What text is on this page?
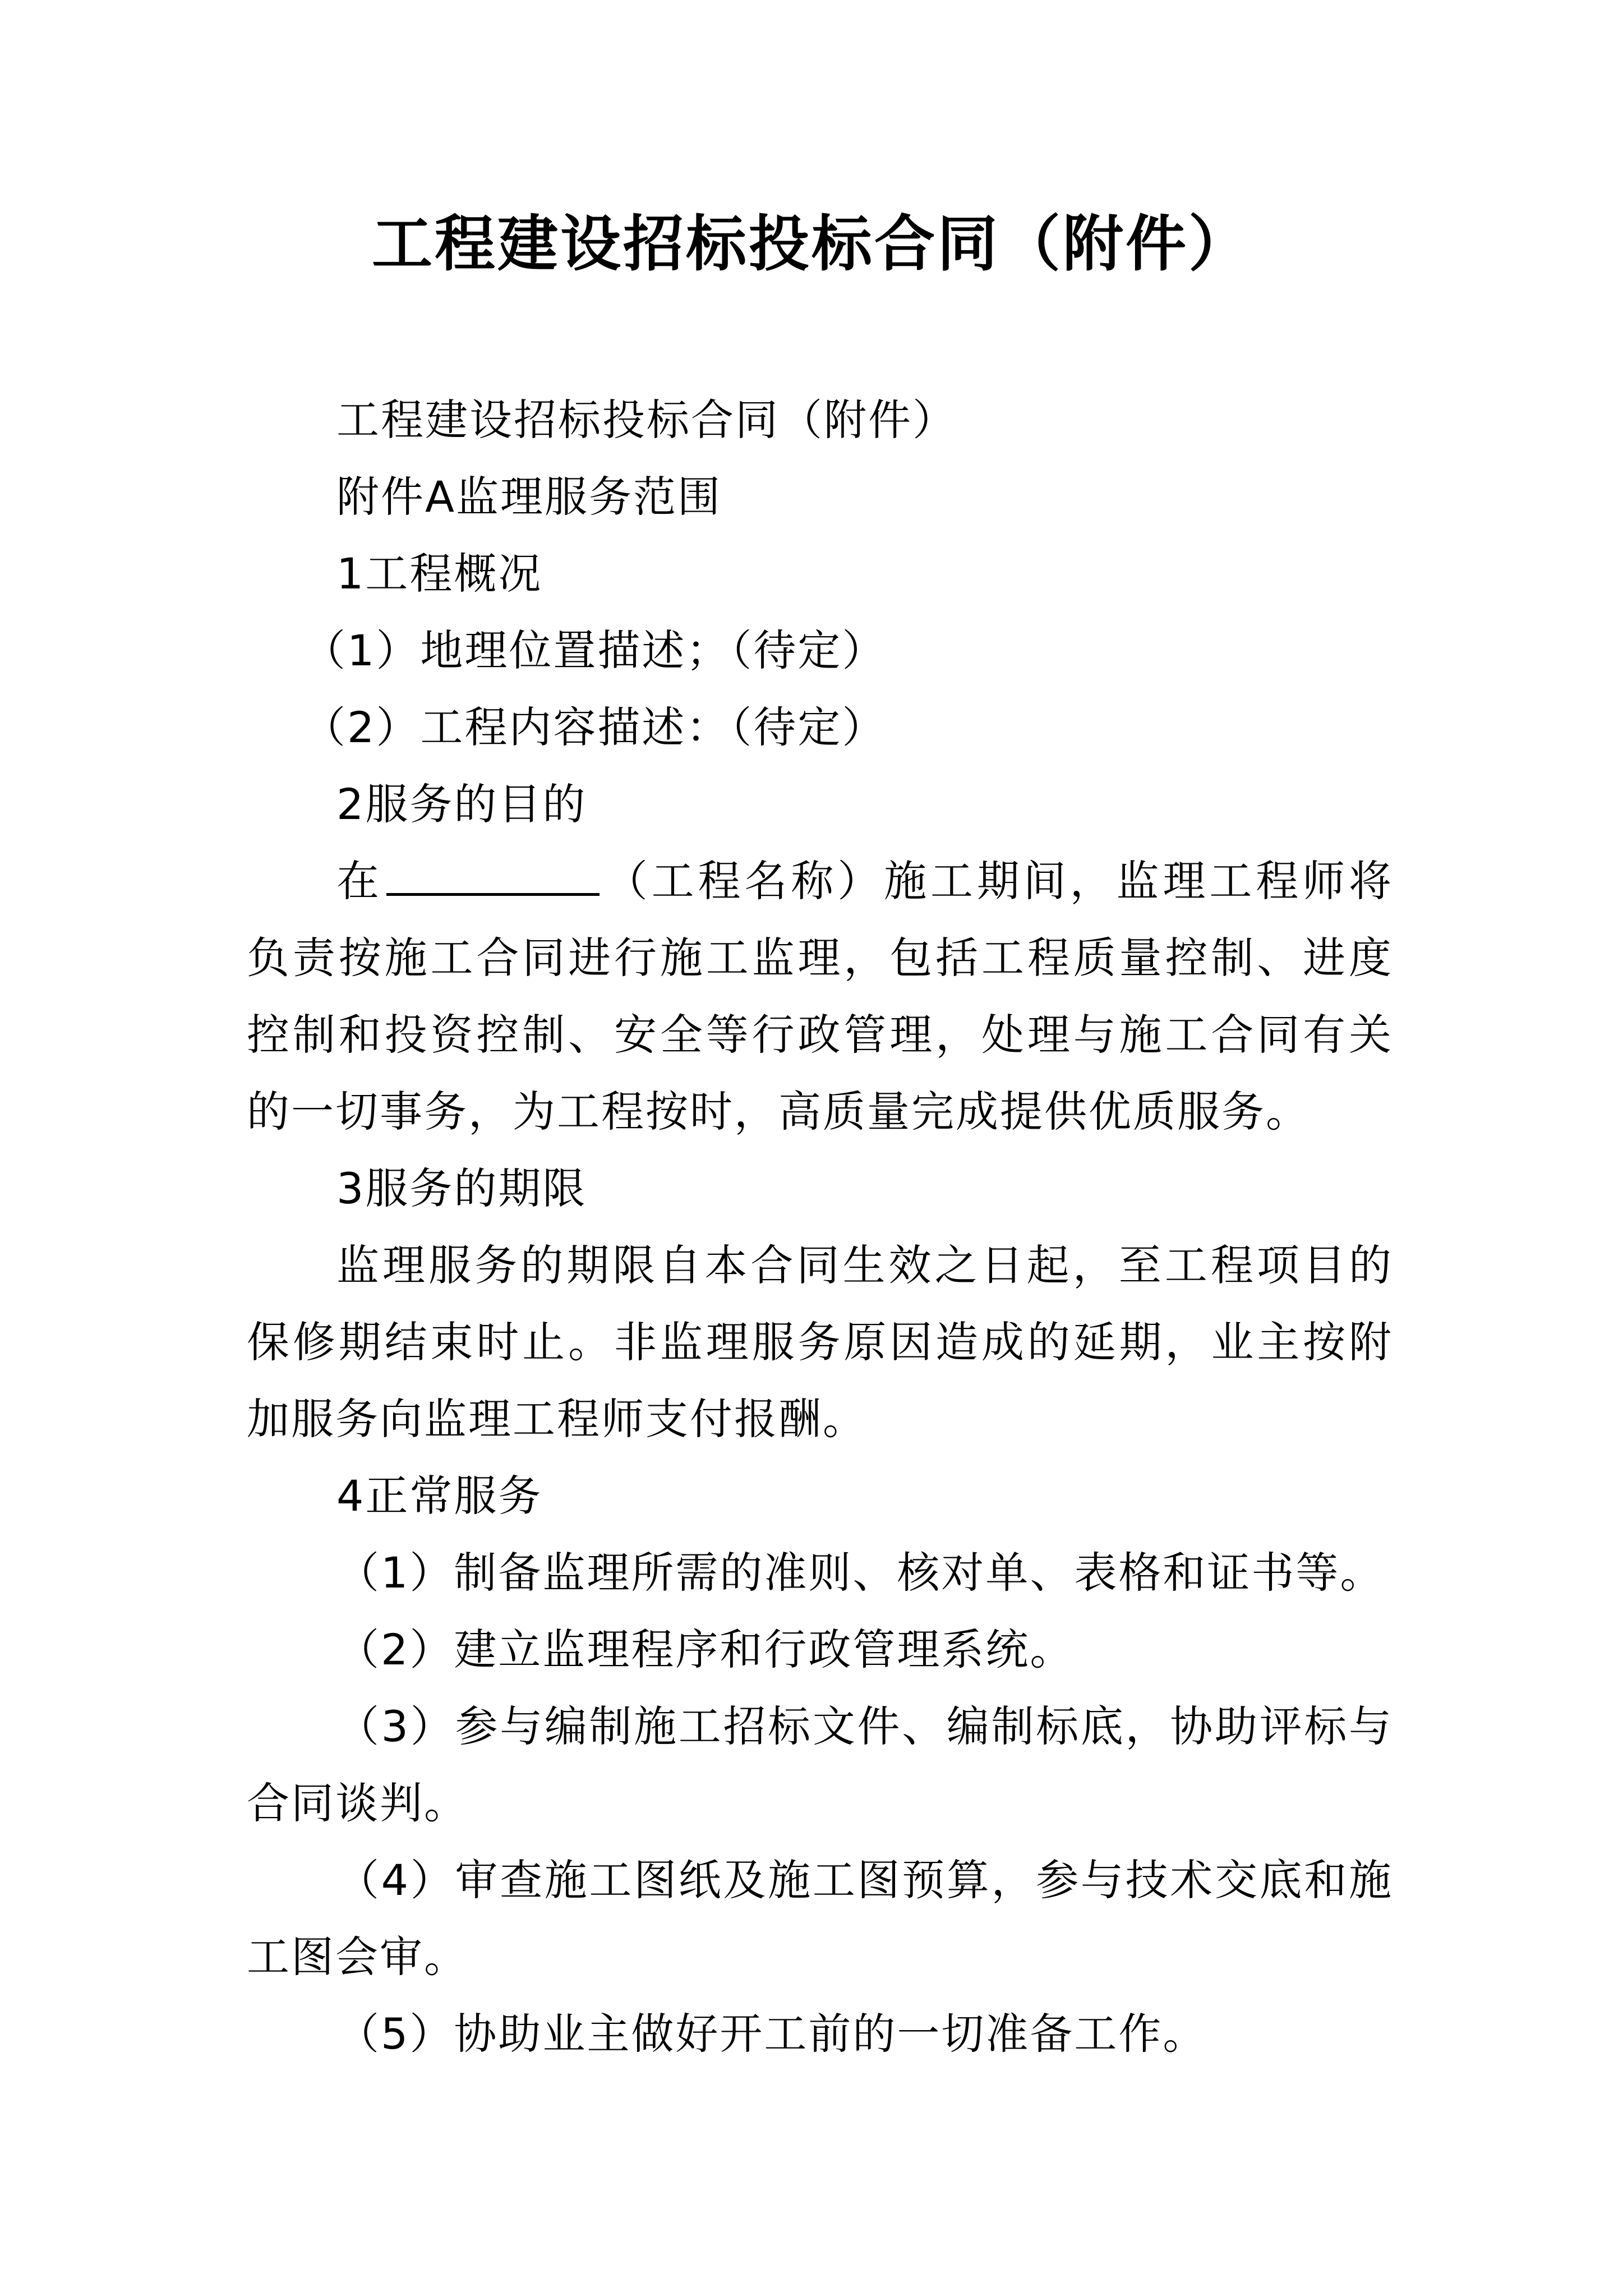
工程建设招标投标合同（附件）

工程建设招标投标合同（附件）

附件A监理服务范围

1工程概况

（1）地理位置描述；（待定）

（2）工程内容描述：（待定）

2服务的目的

在	（工程名称）施工期间，监理工程师将负责按施工合同进行施工监理，包括工程质量控制、进度控制和投资控制、安全等行政管理，处理与施工合同有关的一切事务，为工程按时，高质量完成提供优质服务。

3服务的期限

监理服务的期限自本合同生效之日起，至工程项目的保修期结束时止。非监理服务原因造成的延期，业主按附加服务向监理工程师支付报酬。

4正常服务

（1）制备监理所需的准则、核对单、表格和证书等。

（2）建立监理程序和行政管理系统。

（3）参与编制施工招标文件、编制标底，协助评标与合同谈判。

（4）审查施工图纸及施工图预算，参与技术交底和施工图会审。

（5）协助业主做好开工前的一切准备工作。
